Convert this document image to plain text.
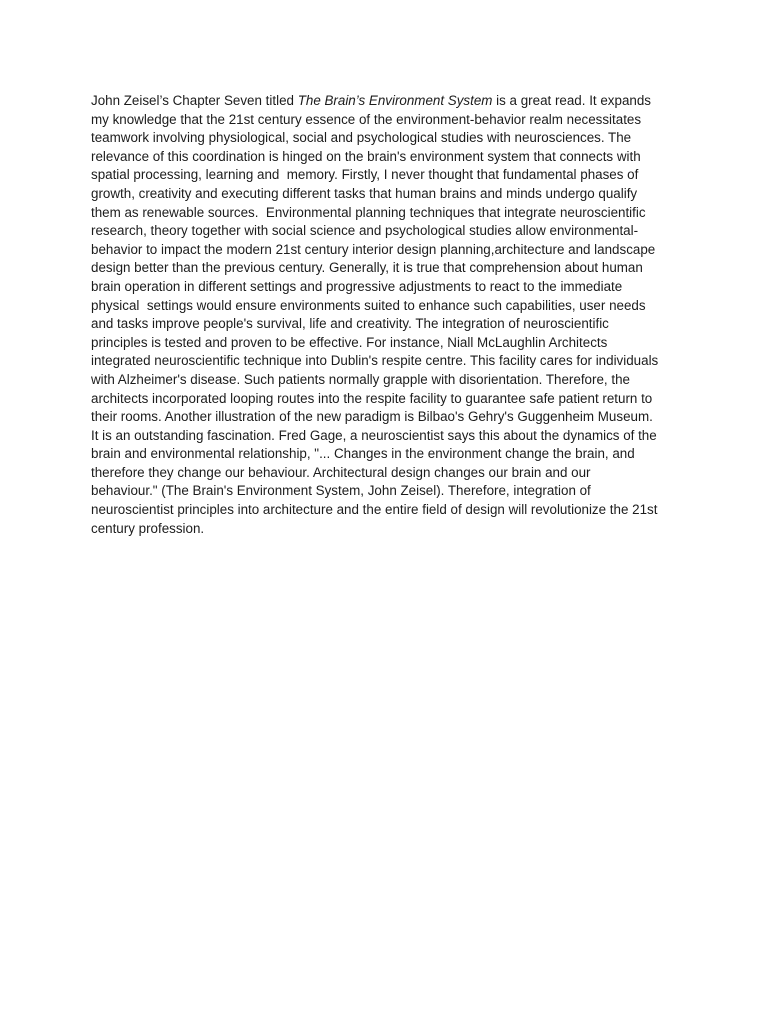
John Zeisel’s Chapter Seven titled The Brain’s Environment System is a great read. It expands
my knowledge that the 21st century essence of the environment-behavior realm necessitates
teamwork involving physiological, social and psychological studies with neurosciences. The
relevance of this coordination is hinged on the brain's environment system that connects with
spatial processing, learning and  memory. Firstly, I never thought that fundamental phases of
growth, creativity and executing different tasks that human brains and minds undergo qualify
them as renewable sources.  Environmental planning techniques that integrate neuroscientific
research, theory together with social science and psychological studies allow environmental-
behavior to impact the modern 21st century interior design planning,architecture and landscape
design better than the previous century. Generally, it is true that comprehension about human
brain operation in different settings and progressive adjustments to react to the immediate
physical  settings would ensure environments suited to enhance such capabilities, user needs
and tasks improve people's survival, life and creativity. The integration of neuroscientific
principles is tested and proven to be effective. For instance, Niall McLaughlin Architects
integrated neuroscientific technique into Dublin's respite centre. This facility cares for individuals
with Alzheimer's disease. Such patients normally grapple with disorientation. Therefore, the
architects incorporated looping routes into the respite facility to guarantee safe patient return to
their rooms. Another illustration of the new paradigm is Bilbao's Gehry's Guggenheim Museum.
It is an outstanding fascination. Fred Gage, a neuroscientist says this about the dynamics of the
brain and environmental relationship, "... Changes in the environment change the brain, and
therefore they change our behaviour. Architectural design changes our brain and our
behaviour." (The Brain's Environment System, John Zeisel). Therefore, integration of
neuroscientist principles into architecture and the entire field of design will revolutionize the 21st
century profession.
